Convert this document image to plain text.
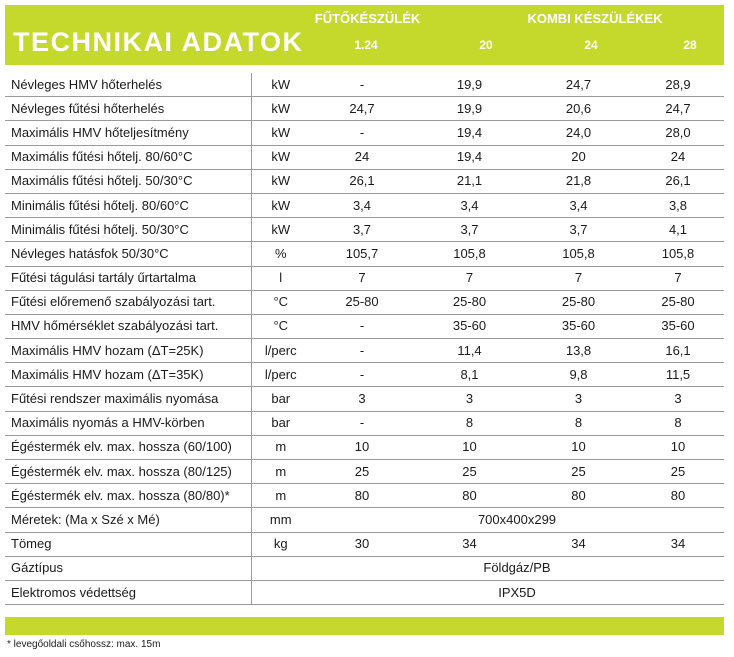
TECHNIKAI ADATOK
FŰTŐKÉSZÜLÉK	KOMBI KÉSZÜLÉKEK
1.24	20	24	28
Névleges HMV hőterhelés	kW	-	19,9	24,7	28,9
Névleges fűtési hőterhelés	kW	24,7	19,9	20,6	24,7
Maximális HMV hőteljesítmény	kW	-	19,4	24,0	28,0
Maximális fűtési hőtelj. 80/60°C	kW	24	19,4	20	24
Maximális fűtési hőtelj. 50/30°C	kW	26,1	21,1	21,8	26,1
Minimális fűtési hőtelj. 80/60°C	kW	3,4	3,4	3,4	3,8
Minimális fűtési hőtelj. 50/30°C	kW	3,7	3,7	3,7	4,1
Névleges hatásfok 50/30°C	%	105,7	105,8	105,8	105,8
Fűtési tágulási tartály űrtartalma	l	7	7	7	7
Fűtési előremenő szabályozási tart.	°C	25-80	25-80	25-80	25-80
HMV hőmérséklet szabályozási tart.	°C	-	35-60	35-60	35-60
Maximális HMV hozam (ΔT=25K)	l/perc	-	11,4	13,8	16,1
Maximális HMV hozam (ΔT=35K)	l/perc	-	8,1	9,8	11,5
Fűtési rendszer maximális nyomása	bar	3	3	3	3
Maximális nyomás a HMV-körben	bar	-	8	8	8
Égéstermék elv. max. hossza (60/100)	m	10	10	10	10
Égéstermék elv. max. hossza (80/125)	m	25	25	25	25
Égéstermék elv. max. hossza (80/80)*	m	80	80	80	80
Méretek: (Ma x Szé x Mé)	mm	700x400x299			
Tömeg	kg	30	34	34	34
Gáztípus		Földgáz/PB			
Elektromos védettség		IPX5D			
* levegőoldali csőhossz: max. 15m
